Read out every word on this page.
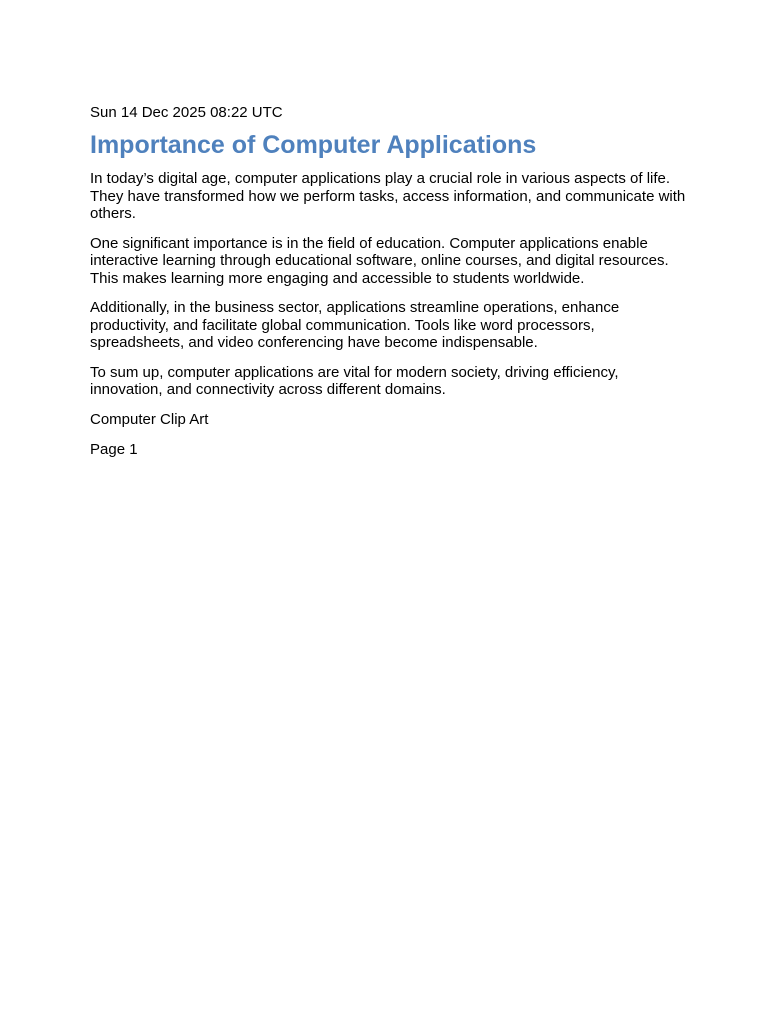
Sun 14 Dec 2025 08:22 UTC
Importance of Computer Applications

In today’s digital age, computer applications play a crucial role in various aspects of life. They have transformed how we perform tasks, access information, and communicate with others.

One significant importance is in the field of education. Computer applications enable interactive learning through educational software, online courses, and digital resources. This makes learning more engaging and accessible to students worldwide.

Additionally, in the business sector, applications streamline operations, enhance productivity, and facilitate global communication. Tools like word processors, spreadsheets, and video conferencing have become indispensable.

To sum up, computer applications are vital for modern society, driving efficiency, innovation, and connectivity across different domains.

Computer Clip Art
Page 1
